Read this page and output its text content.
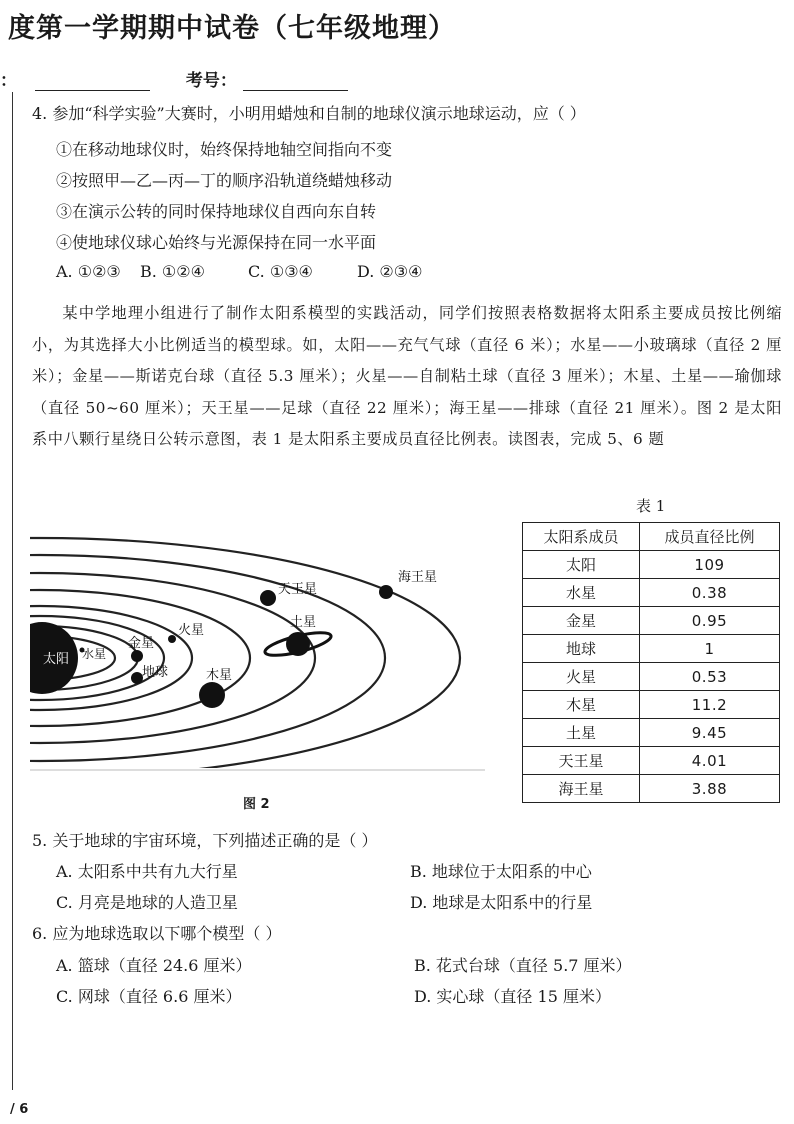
度第一学期期中试卷（七年级地理）
：	考号：
4. 参加“科学实验”大赛时，小明用蜡烛和自制的地球仪演示地球运动，应（ ）
①在移动地球仪时，始终保持地轴空间指向不变
②按照甲—乙—丙—丁的顺序沿轨道绕蜡烛移动
③在演示公转的同时保持地球仪自西向东自转
④使地球仪球心始终与光源保持在同一水平面
A. ①②③ B. ①②④	C. ①③④	D. ②③④
某中学地理小组进行了制作太阳系模型的实践活动，同学们按照表格数据将太阳系主要成员按比例缩小，为其选择大小比例适当的模型球。如，太阳——充气气球（直径 6 米）；水星——小玻璃球（直径 2 厘米）；金星——斯诺克台球（直径 5.3 厘米）；火星——自制粘土球（直径 3 厘米）；木星、土星——瑜伽球（直径 50~60 厘米）；天王星——足球（直径 22 厘米）；海王星——排球（直径 21 厘米）。图 2 是太阳系中八颗行星绕日公转示意图，表 1 是太阳系主要成员直径比例表。读图表，完成 5、6 题
太阳 水星
金星
地球
火星
木星
土星
天王星
海王星
图 2
表 1
太阳系成员	成员直径比例
太阳	109
水星	0.38
金星	0.95
地球	1
火星	0.53
木星	11.2
土星	9.45
天王星	4.01
海王星	3.88
5. 关于地球的宇宙环境，下列描述正确的是（ ）
A. 太阳系中共有九大行星	B. 地球位于太阳系的中心
C. 月亮是地球的人造卫星	D. 地球是太阳系中的行星
6. 应为地球选取以下哪个模型（ ）
A. 篮球（直径 24.6 厘米）	B. 花式台球（直径 5.7 厘米）
C. 网球（直径 6.6 厘米）	D. 实心球（直径 15 厘米）
/ 6
